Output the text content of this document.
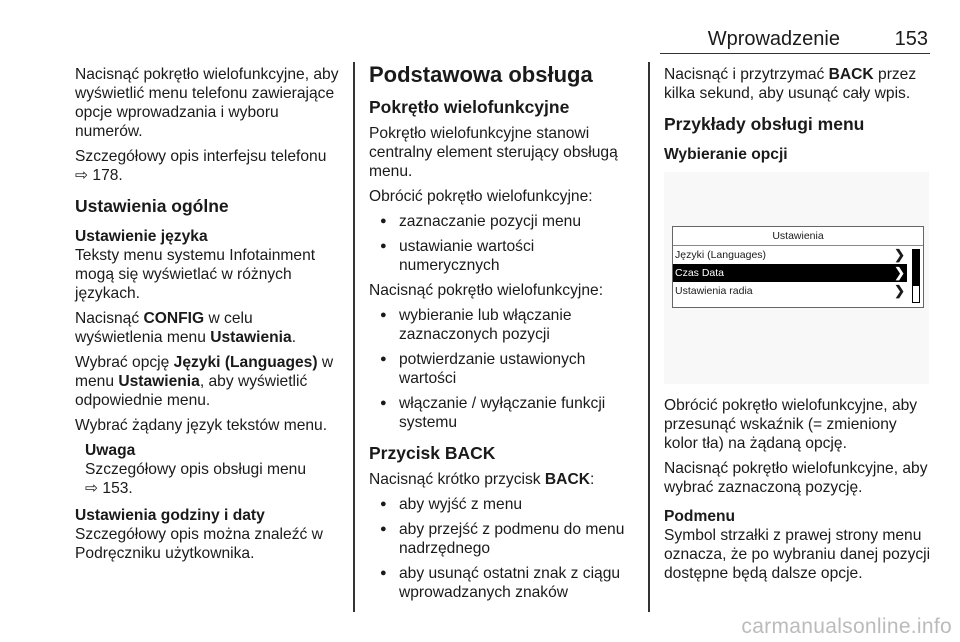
Wprowadzenie	153

Nacisnąć pokrętło wielofunkcyjne, aby wyświetlić menu telefonu zawierające opcje wprowadzania i wyboru numerów.

Szczegółowy opis interfejsu telefonu
⇨ 178.

Ustawienia ogólne
Ustawienie języka

Teksty menu systemu Infotainment mogą się wyświetlać w różnych językach.

Nacisnąć CONFIG w celu wyświetlenia menu Ustawienia.

Wybrać opcję Języki (Languages) w menu Ustawienia, aby wyświetlić odpowiednie menu.

Wybrać żądany język tekstów menu.

Uwaga
Szczegółowy opis obsługi menu
⇨ 153.
Ustawienia godziny i daty

Szczegółowy opis można znaleźć w Podręczniku użytkownika.

Podstawowa obsługa
Pokrętło wielofunkcyjne

Pokrętło wielofunkcyjne stanowi centralny element sterujący obsługą menu.

Obrócić pokrętło wielofunkcyjne:

● zaznaczanie pozycji menu
● ustawianie wartości numerycznych

Nacisnąć pokrętło wielofunkcyjne:

● wybieranie lub włączanie zaznaczonych pozycji
● potwierdzanie ustawionych wartości
● włączanie / wyłączanie funkcji systemu
Przycisk BACK

Nacisnąć krótko przycisk BACK:

● aby wyjść z menu
● aby przejść z podmenu do menu nadrzędnego
● aby usunąć ostatni znak z ciągu wprowadzanych znaków

Nacisnąć i przytrzymać BACK przez kilka sekund, aby usunąć cały wpis.

Przykłady obsługi menu
Wybieranie opcji
Ustawienia
Języki (Languages)	❯
Czas Data	❯
Ustawienia radia	❯

Obrócić pokrętło wielofunkcyjne, aby przesunąć wskaźnik (= zmieniony kolor tła) na żądaną opcję.

Nacisnąć pokrętło wielofunkcyjne, aby wybrać zaznaczoną pozycję.

Podmenu

Symbol strzałki z prawej strony menu oznacza, że po wybraniu danej pozycji dostępne będą dalsze opcje.

carmanualsonline.info
